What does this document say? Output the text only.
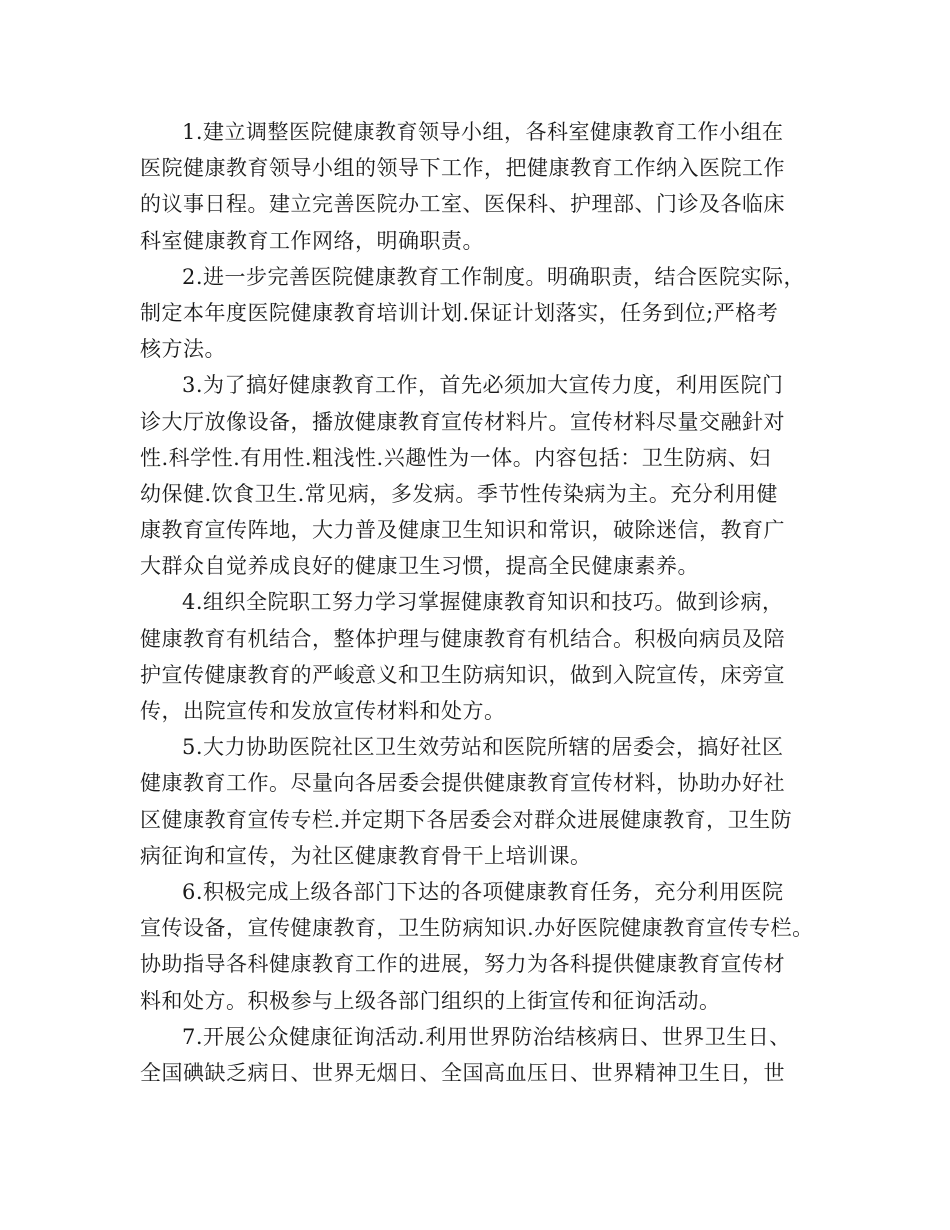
1.建立调整医院健康教育领导小组，各科室健康教育工作小组在
医院健康教育领导小组的领导下工作，把健康教育工作纳入医院工作
的议事日程。建立完善医院办工室、医保科、护理部、门诊及各临床
科室健康教育工作网络，明确职责。
2.进一步完善医院健康教育工作制度。明确职责，结合医院实际，
制定本年度医院健康教育培训计划.保证计划落实，任务到位;严格考
核方法。
3.为了搞好健康教育工作，首先必须加大宣传力度，利用医院门
诊大厅放像设备，播放健康教育宣传材料片。宣传材料尽量交融針对
性.科学性.有用性.粗浅性.兴趣性为一体。内容包括：卫生防病、妇
幼保健.饮食卫生.常见病，多发病。季节性传染病为主。充分利用健
康教育宣传阵地，大力普及健康卫生知识和常识，破除迷信，教育广
大群众自觉养成良好的健康卫生习惯，提高全民健康素养。
4.组织全院职工努力学习掌握健康教育知识和技巧。做到诊病，
健康教育有机结合，整体护理与健康教育有机结合。积极向病员及陪
护宣传健康教育的严峻意义和卫生防病知识，做到入院宣传，床旁宣
传，出院宣传和发放宣传材料和处方。
5.大力协助医院社区卫生效劳站和医院所辖的居委会，搞好社区
健康教育工作。尽量向各居委会提供健康教育宣传材料，协助办好社
区健康教育宣传专栏.并定期下各居委会对群众进展健康教育，卫生防
病征询和宣传，为社区健康教育骨干上培训课。
6.积极完成上级各部门下达的各项健康教育任务，充分利用医院
宣传设备，宣传健康教育，卫生防病知识.办好医院健康教育宣传专栏。
协助指导各科健康教育工作的进展，努力为各科提供健康教育宣传材
料和处方。积极参与上级各部门组织的上街宣传和征询活动。
7.开展公众健康征询活动.利用世界防治结核病日、世界卫生日、
全国碘缺乏病日、世界无烟日、全国高血压日、世界精神卫生日，世
